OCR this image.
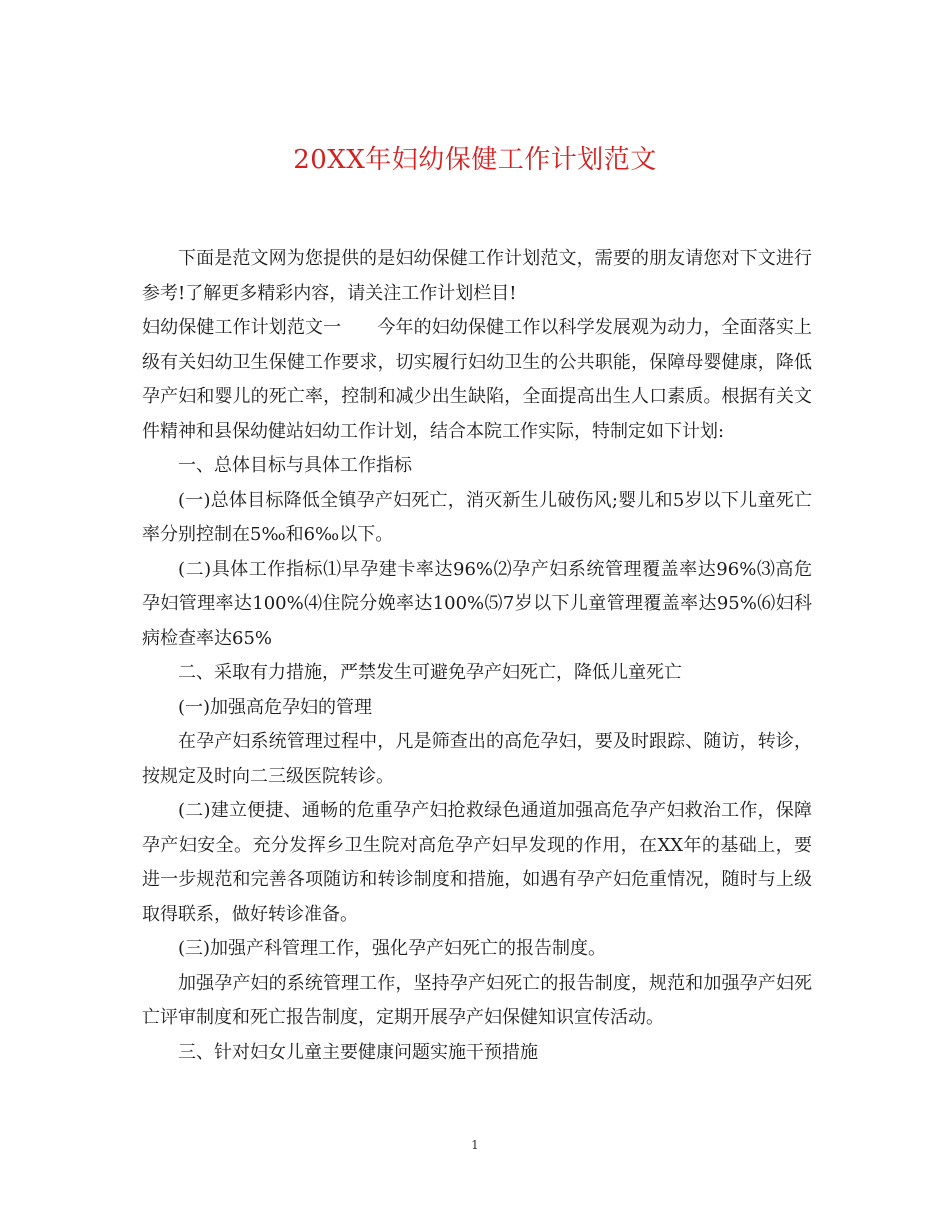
20XX年妇幼保健工作计划范文

下面是范文网为您提供的是妇幼保健工作计划范文，需要的朋友请您对下文进行参考!了解更多精彩内容，请关注工作计划栏目!

妇幼保健工作计划范文一　　今年的妇幼保健工作以科学发展观为动力，全面落实上级有关妇幼卫生保健工作要求，切实履行妇幼卫生的公共职能，保障母婴健康，降低孕产妇和婴儿的死亡率，控制和减少出生缺陷，全面提高出生人口素质。根据有关文件精神和县保幼健站妇幼工作计划，结合本院工作实际，特制定如下计划:

一、总体目标与具体工作指标

(一)总体目标降低全镇孕产妇死亡，消灭新生儿破伤风;婴儿和5岁以下儿童死亡率分别控制在5‰和6‰以下。

(二)具体工作指标⑴早孕建卡率达96%⑵孕产妇系统管理覆盖率达96%⑶高危孕妇管理率达100%⑷住院分娩率达100%⑸7岁以下儿童管理覆盖率达95%⑹妇科病检查率达65%

二、采取有力措施，严禁发生可避免孕产妇死亡，降低儿童死亡

(一)加强高危孕妇的管理

在孕产妇系统管理过程中，凡是筛查出的高危孕妇，要及时跟踪、随访，转诊，按规定及时向二三级医院转诊。

(二)建立便捷、通畅的危重孕产妇抢救绿色通道加强高危孕产妇救治工作，保障孕产妇安全。充分发挥乡卫生院对高危孕产妇早发现的作用，在XX年的基础上，要进一步规范和完善各项随访和转诊制度和措施，如遇有孕产妇危重情况，随时与上级取得联系，做好转诊准备。

(三)加强产科管理工作，强化孕产妇死亡的报告制度。

加强孕产妇的系统管理工作，坚持孕产妇死亡的报告制度，规范和加强孕产妇死亡评审制度和死亡报告制度，定期开展孕产妇保健知识宣传活动。

三、针对妇女儿童主要健康问题实施干预措施

1
